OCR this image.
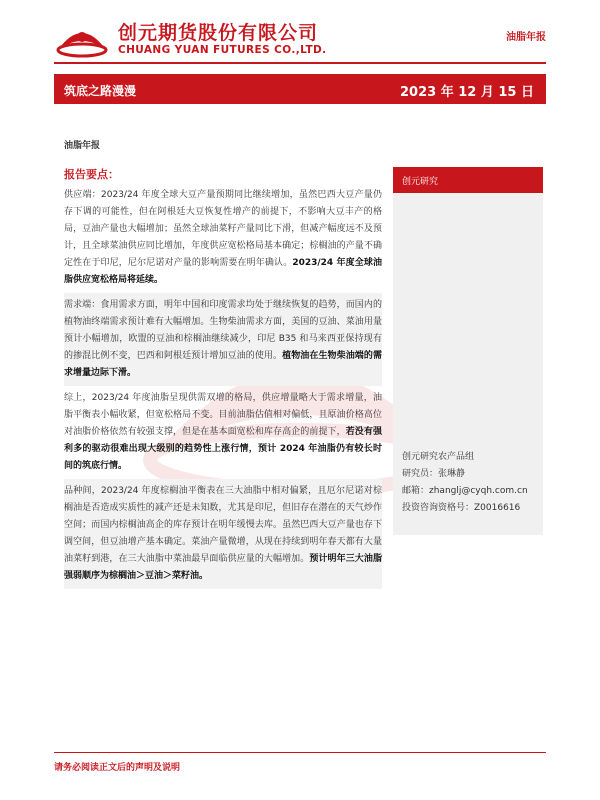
创元期货股份有限公司
CHUANG YUAN FUTURES CO.,LTD.
油脂年报
筑底之路漫漫	2023 年 12 月 15 日
油脂年报
报告要点：

供应端：2023/24 年度全球大豆产量预期同比继续增加，虽然巴西大豆产量仍存下调的可能性，但在阿根廷大豆恢复性增产的前提下，不影响大豆丰产的格局，豆油产量也大幅增加；虽然全球油菜籽产量同比下滑，但减产幅度远不及预计，且全球菜油供应同比增加，年度供应宽松格局基本确定；棕榈油的产量不确定性在于印尼，尼尔尼诺对产量的影响需要在明年确认。2023/24 年度全球油脂供应宽松格局将延续。

需求端：食用需求方面，明年中国和印度需求均处于继续恢复的趋势，而国内的植物油终端需求预计难有大幅增加。生物柴油需求方面，美国的豆油、菜油用量预计小幅增加，欧盟的豆油和棕榈油继续减少，印尼 B35 和马来西亚保持现有的掺混比例不变，巴西和阿根廷预计增加豆油的使用。植物油在生物柴油端的需求增量边际下滑。

综上，2023/24 年度油脂呈现供需双增的格局，供应增量略大于需求增量，油脂平衡表小幅收紧，但宽松格局不变。目前油脂估值相对偏低，且原油价格高位对油脂价格依然有较强支撑，但是在基本面宽松和库存高企的前提下，若没有强利多的驱动很难出现大级别的趋势性上涨行情，预计 2024 年油脂仍有较长时间的筑底行情。

品种间，2023/24 年度棕榈油平衡表在三大油脂中相对偏紧，且厄尔尼诺对棕榈油是否造成实质性的减产还是未知数，尤其是印尼，但旧存在潜在的天气炒作空间；而国内棕榈油高企的库存预计在明年缓慢去库。虽然巴西大豆产量也存下调空间，但豆油增产基本确定。菜油产量微增，从现在持续到明年春天都有大量油菜籽到港，在三大油脂中菜油最早面临供应量的大幅增加。预计明年三大油脂强弱顺序为棕榈油＞豆油＞菜籽油。

创元研究
创元研究农产品组
研究员：张琳静
邮箱：zhanglj@cyqh.com.cn
投资咨询资格号：Z0016616
请务必阅读正文后的声明及说明
